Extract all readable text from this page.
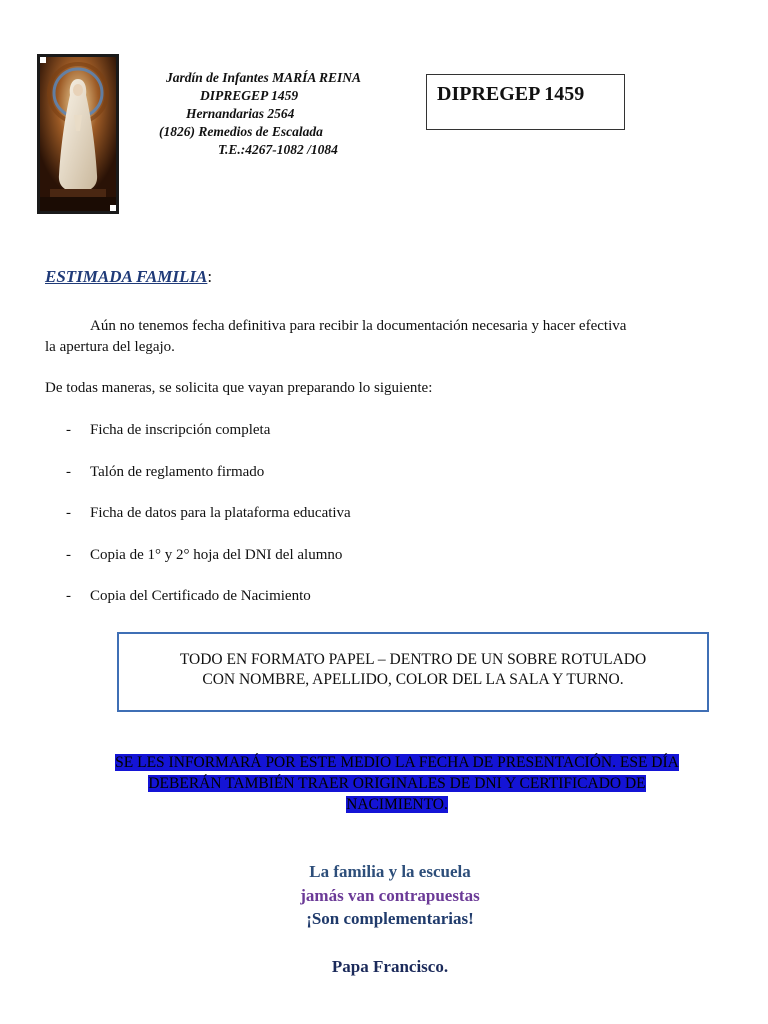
Jardín de Infantes MARÍA REINA
DIPREGEP 1459
Hernandarias 2564
(1826) Remedios de Escalada
T.E.:4267-1082 /1084
DIPREGEP 1459
ESTIMADA FAMILIA:
Aún no tenemos fecha definitiva para recibir la documentación necesaria y hacer efectiva
la apertura del legajo.
De todas maneras, se solicita que vayan preparando lo siguiente:
- Ficha de inscripción completa
- Talón de reglamento firmado
- Ficha de datos para la plataforma educativa
- Copia de 1° y 2° hoja del DNI del alumno
- Copia del Certificado de Nacimiento
TODO EN FORMATO PAPEL – DENTRO DE UN SOBRE ROTULADO
CON NOMBRE, APELLIDO, COLOR DEL LA SALA Y TURNO.
SE LES INFORMARÁ POR ESTE MEDIO LA FECHA DE PRESENTACIÓN. ESE DÍA
DEBERÁN TAMBIÉN TRAER ORIGINALES DE DNI Y CERTIFICADO DE
NACIMIENTO.
La familia y la escuela
jamás van contrapuestas
¡Son complementarias!
Papa Francisco.
